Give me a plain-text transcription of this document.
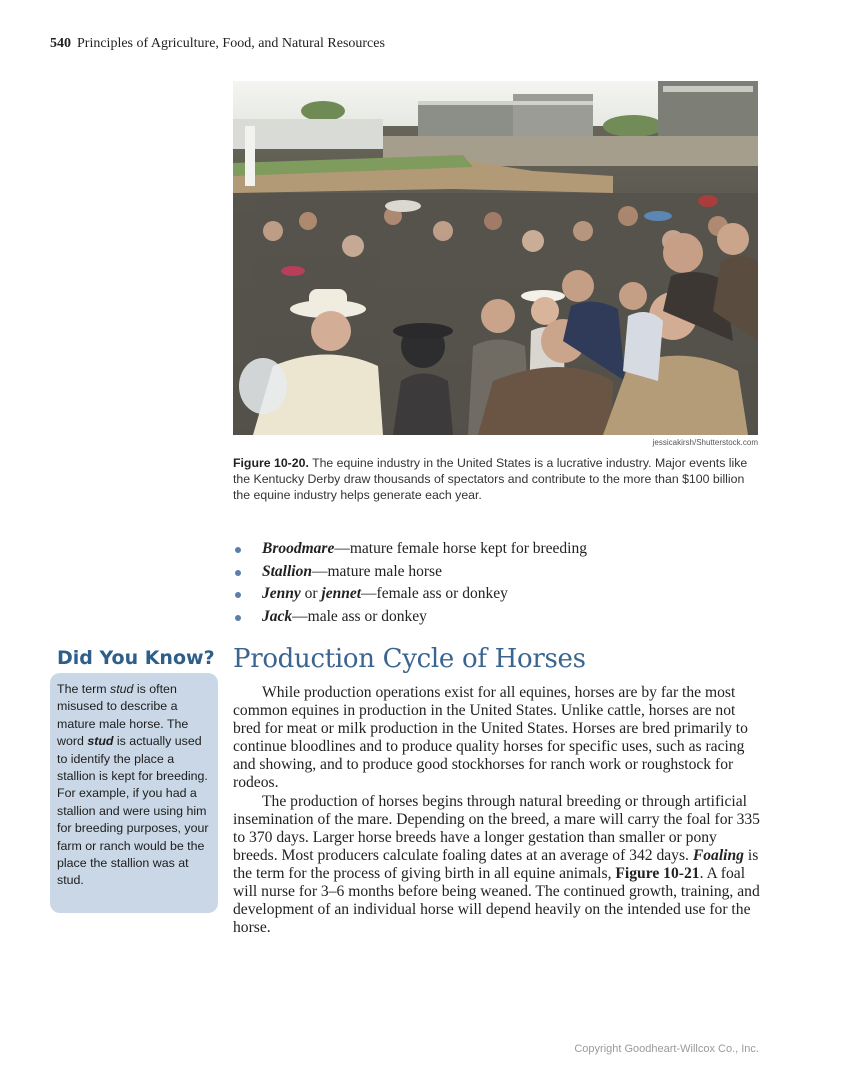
540 Principles of Agriculture, Food, and Natural Resources
jessicakirsh/Shutterstock.com
Figure 10-20. The equine industry in the United States is a lucrative industry. Major events like the Kentucky Derby draw thousands of spectators and contribute to the more than $100 billion the equine industry helps generate each year.
Broodmare—mature female horse kept for breeding
Stallion—mature male horse
Jenny or jennet—female ass or donkey
Jack—male ass or donkey
Did You Know?
The term stud is often misused to describe a mature male horse. The word stud is actually used to identify the place a stallion is kept for breeding. For example, if you had a stallion and were using him for breeding purposes, your farm or ranch would be the place the stallion was at stud.
Production Cycle of Horses

While production operations exist for all equines, horses are by far the most common equines in production in the United States. Unlike cattle, horses are not bred for meat or milk production in the United States. Horses are bred primarily to continue bloodlines and to produce quality horses for specific uses, such as racing and showing, and to produce good stockhorses for ranch work or roughstock for rodeos.

The production of horses begins through natural breeding or through artificial insemination of the mare. Depending on the breed, a mare will carry the foal for 335 to 370 days. Larger horse breeds have a longer gestation than smaller or pony breeds. Most producers calculate foaling dates at an average of 342 days. Foaling is the term for the process of giving birth in all equine animals, Figure 10-21. A foal will nurse for 3–6 months before being weaned. The continued growth, training, and development of an individual horse will depend heavily on the intended use for the horse.

Copyright Goodheart-Willcox Co., Inc.
